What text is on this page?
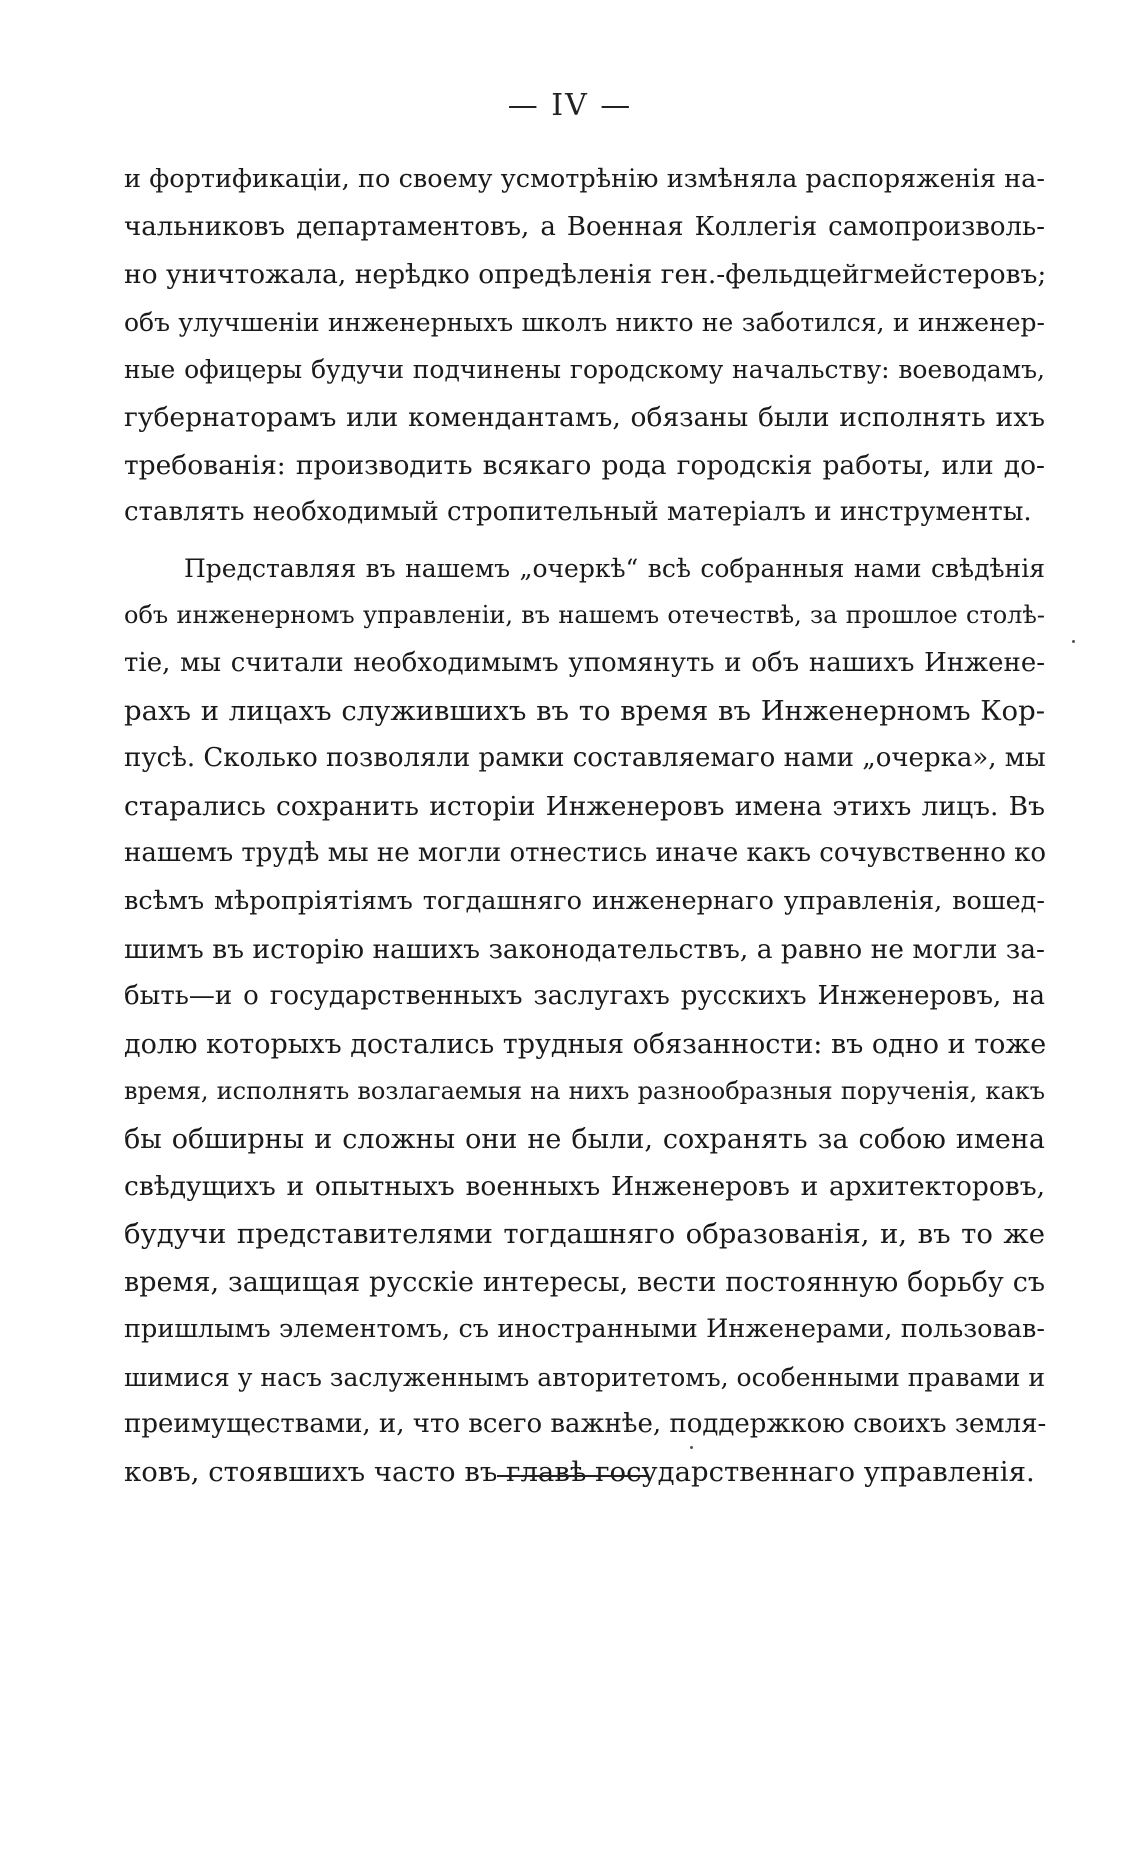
— IV —
и фортификаціи, по своему усмотрѣнію измѣняла распоряженія на-
чальниковъ департаментовъ, а Военная Коллегія самопроизволь-
но уничтожала, нерѣдко опредѣленія ген.-фельдцейгмейстеровъ;
объ улучшеніи инженерныхъ школъ никто не заботился, и инженер-
ные офицеры будучи подчинены городскому начальству: воеводамъ,
губернаторамъ или комендантамъ, обязаны были исполнять ихъ
требованія: производить всякаго рода городскія работы, или до-
ставлять необходимый стропительный матеріалъ и инструменты.
Представляя въ нашемъ „очеркѣ“ всѣ собранныя нами свѣдѣнія
объ инженерномъ управленіи, въ нашемъ отечествѣ, за прошлое столѣ-
тіе, мы считали необходимымъ упомянуть и объ нашихъ Инжене-
рахъ и лицахъ служившихъ въ то время въ Инженерномъ Кор-
пусѣ. Сколько позволяли рамки составляемаго нами „очерка», мы
старались сохранить исторіи Инженеровъ имена этихъ лицъ. Въ
нашемъ трудѣ мы не могли отнестись иначе какъ сочувственно ко
всѣмъ мѣропріятіямъ тогдашняго инженернаго управленія, вошед-
шимъ въ исторію нашихъ законодательствъ, а равно не могли за-
быть—и о государственныхъ заслугахъ русскихъ Инженеровъ, на
долю которыхъ достались трудныя обязанности: въ одно и тоже
время, исполнять возлагаемыя на нихъ разнообразныя порученія, какъ
бы обширны и сложны они не были, сохранять за собою имена
свѣдущихъ и опытныхъ военныхъ Инженеровъ и архитекторовъ,
будучи представителями тогдашняго образованія, и, въ то же
время, защищая русскіе интересы, вести постоянную борьбу съ
пришлымъ элементомъ, съ иностранными Инженерами, пользовав-
шимися у насъ заслуженнымъ авторитетомъ, особенными правами и
преимуществами, и, что всего важнѣе, поддержкою своихъ земля-
ковъ, стоявшихъ часто въ главѣ государственнаго управленія.
